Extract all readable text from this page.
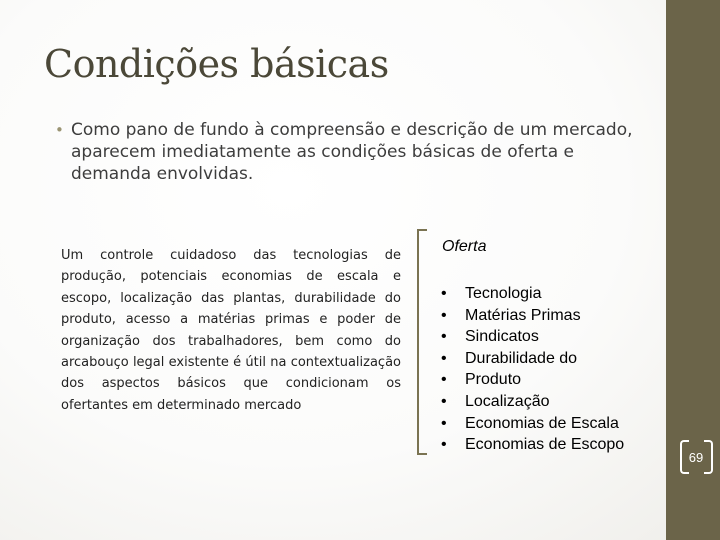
Condições básicas
• Como pano de fundo à compreensão e descrição de um mercado, aparecem imediatamente as condições básicas de oferta e demanda envolvidas.
Um controle cuidadoso das tecnologias de produção, potenciais economias de escala e escopo, localização das plantas, durabilidade do produto, acesso a matérias primas e poder de organização dos trabalhadores, bem como do arcabouço legal existente é útil na contextualização dos aspectos básicos que condicionam os ofertantes em determinado mercado
Oferta
• Tecnologia
• Matérias Primas
• Sindicatos
• Durabilidade do
• Produto
• Localização
• Economias de Escala
• Economias de Escopo
69
